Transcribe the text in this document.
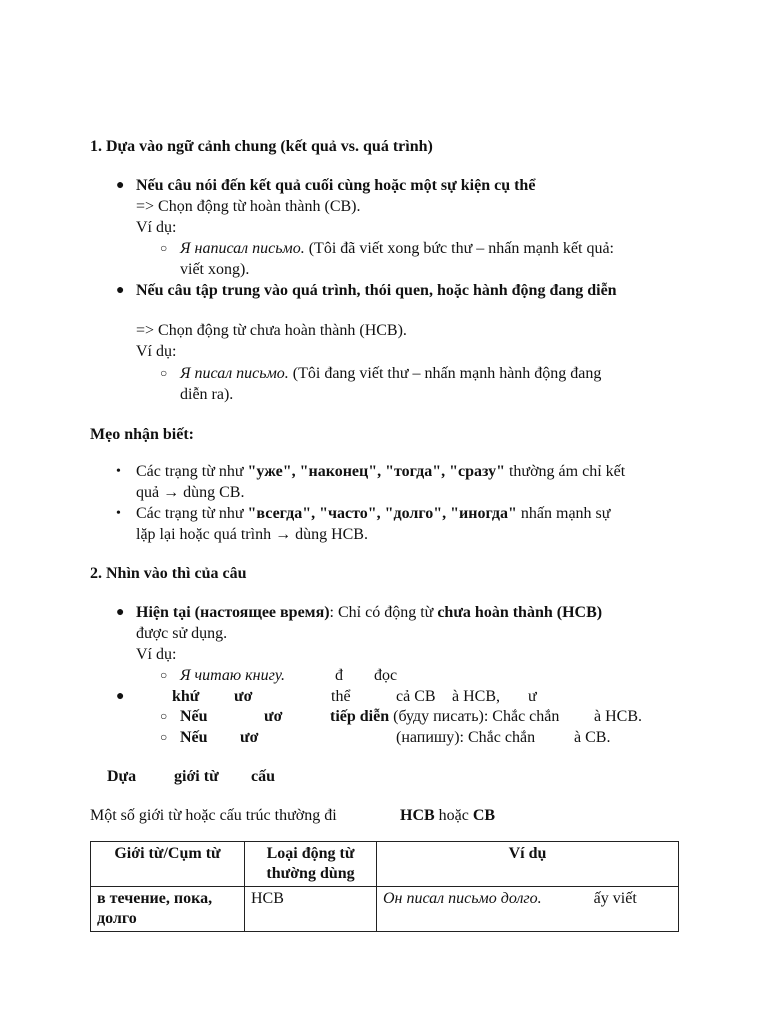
1. Dựa vào ngữ cảnh chung (kết quả vs. quá trình)
● Nếu câu nói đến kết quả cuối cùng hoặc một sự kiện cụ thể
=> Chọn động từ hoàn thành (CB).
Ví dụ:
○ Я написал письмо. (Tôi đã viết xong bức thư – nhấn mạnh kết quả:
viết xong).
● Nếu câu tập trung vào quá trình, thói quen, hoặc hành động đang diễn
=> Chọn động từ chưa hoàn thành (HCB).
Ví dụ:
○ Я писал письмо. (Tôi đang viết thư – nhấn mạnh hành động đang
diễn ra).
Mẹo nhận biết:
• Các trạng từ như "уже", "наконец", "тогда", "сразу" thường ám chỉ kết
quả → dùng CB.
• Các trạng từ như "всегда", "часто", "долго", "иногда" nhấn mạnh sự
lặp lại hoặc quá trình → dùng HCB.
2. Nhìn vào thì của câu
● Hiện tại (настоящее время): Chỉ có động từ chưa hoàn thành (HCB)
được sử dụng.
Ví dụ:
○ Я читаю книгу.	đ đọc
●	khứ ươ	thể	cả CB à HCB, ư
○ Nếu	ươ	tiếp diễn (буду писать): Chắc chắn à HCB.
○ Nếu ươ	(напишу): Chắc chắn à CB.
Dựa giới từ cấu
Một số giới từ hoặc cấu trúc thường đi	HCB hoặc CB
Giới từ/Cụm từ	Loại động từ thường dùng	Ví dụ
в течение, пока, долго	НСВ	Он писал письмо долго. ấy viết
